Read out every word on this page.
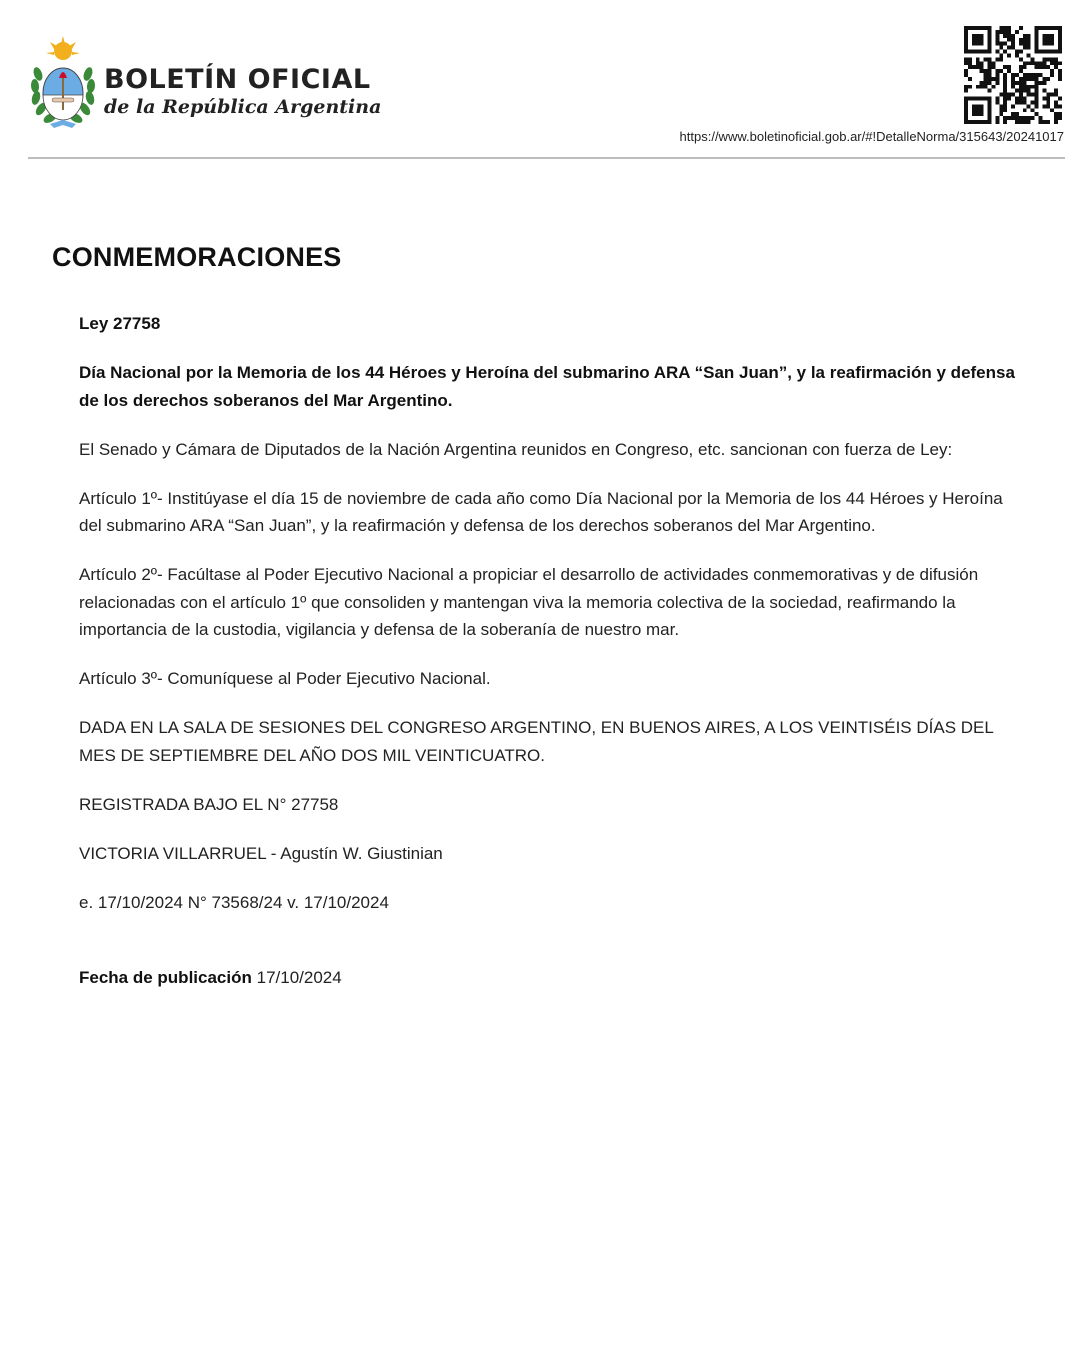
BOLETÍN OFICIAL
de la República Argentina
https://www.boletinoficial.gob.ar/#!DetalleNorma/315643/20241017
CONMEMORACIONES

Ley 27758

Día Nacional por la Memoria de los 44 Héroes y Heroína del submarino ARA “San Juan”, y la reafirmación y defensa de los derechos soberanos del Mar Argentino.

El Senado y Cámara de Diputados de la Nación Argentina reunidos en Congreso, etc. sancionan con fuerza de Ley:

Artículo 1º- Institúyase el día 15 de noviembre de cada año como Día Nacional por la Memoria de los 44 Héroes y Heroína del submarino ARA “San Juan”, y la reafirmación y defensa de los derechos soberanos del Mar Argentino.

Artículo 2º- Facúltase al Poder Ejecutivo Nacional a propiciar el desarrollo de actividades conmemorativas y de difusión relacionadas con el artículo 1º que consoliden y mantengan viva la memoria colectiva de la sociedad, reafirmando la importancia de la custodia, vigilancia y defensa de la soberanía de nuestro mar.

Artículo 3º- Comuníquese al Poder Ejecutivo Nacional.

DADA EN LA SALA DE SESIONES DEL CONGRESO ARGENTINO, EN BUENOS AIRES, A LOS VEINTISÉIS DÍAS DEL MES DE SEPTIEMBRE DEL AÑO DOS MIL VEINTICUATRO.

REGISTRADA BAJO EL N° 27758

VICTORIA VILLARRUEL - Agustín W. Giustinian

e. 17/10/2024 N° 73568/24 v. 17/10/2024

Fecha de publicación 17/10/2024
